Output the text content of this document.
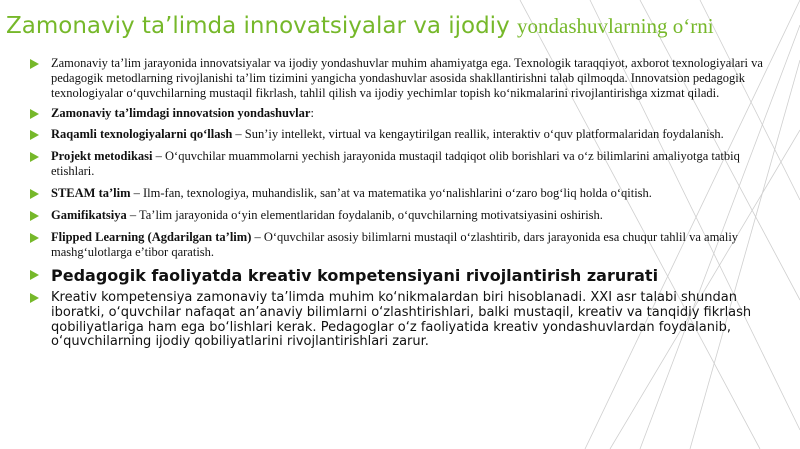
Zamonaviy ta’limda innovatsiyalar va ijodiy yondashuvlarning o‘rni
Zamonaviy ta’lim jarayonida innovatsiyalar va ijodiy yondashuvlar muhim ahamiyatga ega. Texnologik taraqqiyot, axborot texnologiyalari va pedagogik metodlarning rivojlanishi ta’lim tizimini yangicha yondashuvlar asosida shakllantirishni talab qilmoqda. Innovatsion pedagogik texnologiyalar o‘quvchilarning mustaqil fikrlash, tahlil qilish va ijodiy yechimlar topish ko‘nikmalarini rivojlantirishga xizmat qiladi.
Zamonaviy ta’limdagi innovatsion yondashuvlar:
Raqamli texnologiyalarni qo‘llash – Sun’iy intellekt, virtual va kengaytirilgan reallik, interaktiv o‘quv platformalaridan foydalanish.
Projekt metodikasi – O‘quvchilar muammolarni yechish jarayonida mustaqil tadqiqot olib borishlari va o‘z bilimlarini amaliyotga tatbiq etishlari.
STEAM ta’lim – Ilm-fan, texnologiya, muhandislik, san’at va matematika yo‘nalishlarini o‘zaro bog‘liq holda o‘qitish.
Gamifikatsiya – Ta’lim jarayonida o‘yin elementlaridan foydalanib, o‘quvchilarning motivatsiyasini oshirish.
Flipped Learning (Agdarilgan ta’lim) – O‘quvchilar asosiy bilimlarni mustaqil o‘zlashtirib, dars jarayonida esa chuqur tahlil va amaliy mashg‘ulotlarga e’tibor qaratish.
Pedagogik faoliyatda kreativ kompetensiyani rivojlantirish zarurati
Kreativ kompetensiya zamonaviy ta’limda muhim ko‘nikmalardan biri hisoblanadi. XXI asr talabi shundan iboratki, o‘quvchilar nafaqat an’anaviy bilimlarni o‘zlashtirishlari, balki mustaqil, kreativ va tanqidiy fikrlash qobiliyatlariga ham ega bo‘lishlari kerak. Pedagoglar o‘z faoliyatida kreativ yondashuvlardan foydalanib, o‘quvchilarning ijodiy qobiliyatlarini rivojlantirishlari zarur.
